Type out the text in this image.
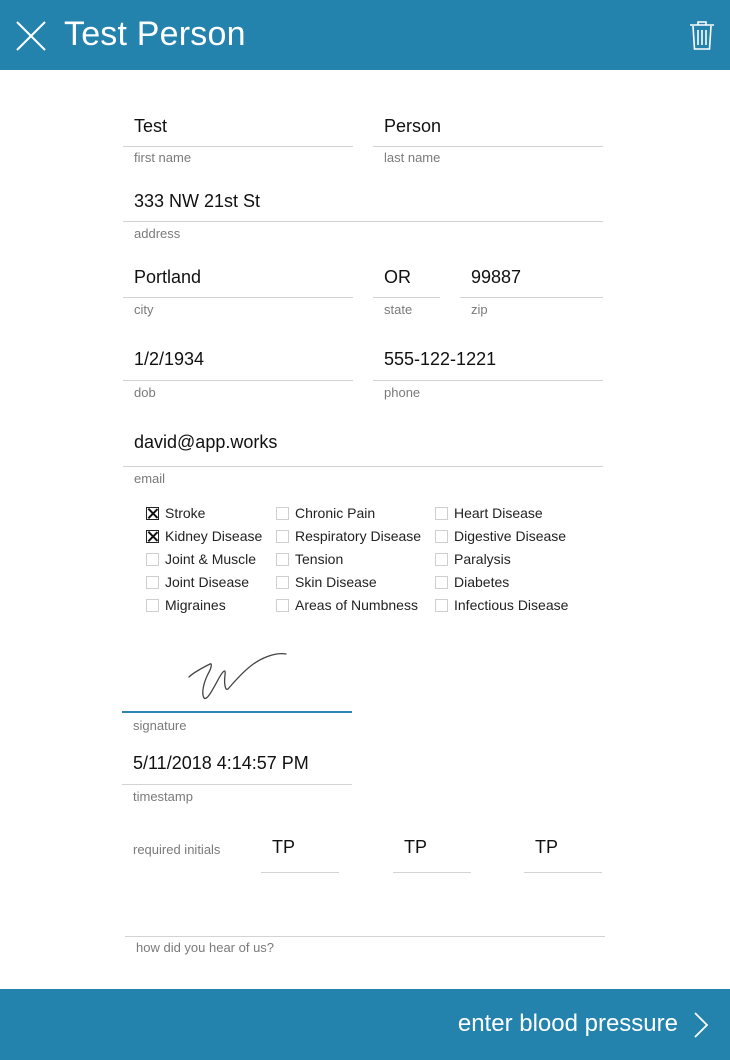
Test Person
Test
first name
Person
last name
333 NW 21st St
address
Portland
city
OR
state
99887
zip
1/2/1934
dob
555-122-1221
phone
david@app.works
email
Stroke
Kidney Disease
Joint & Muscle
Joint Disease
Migraines
Chronic Pain
Respiratory Disease
Tension
Skin Disease
Areas of Numbness
Heart Disease
Digestive Disease
Paralysis
Diabetes
Infectious Disease
signature
5/11/2018 4:14:57 PM
timestamp
required initials	TP	TP	TP
how did you hear of us?
enter blood pressure
